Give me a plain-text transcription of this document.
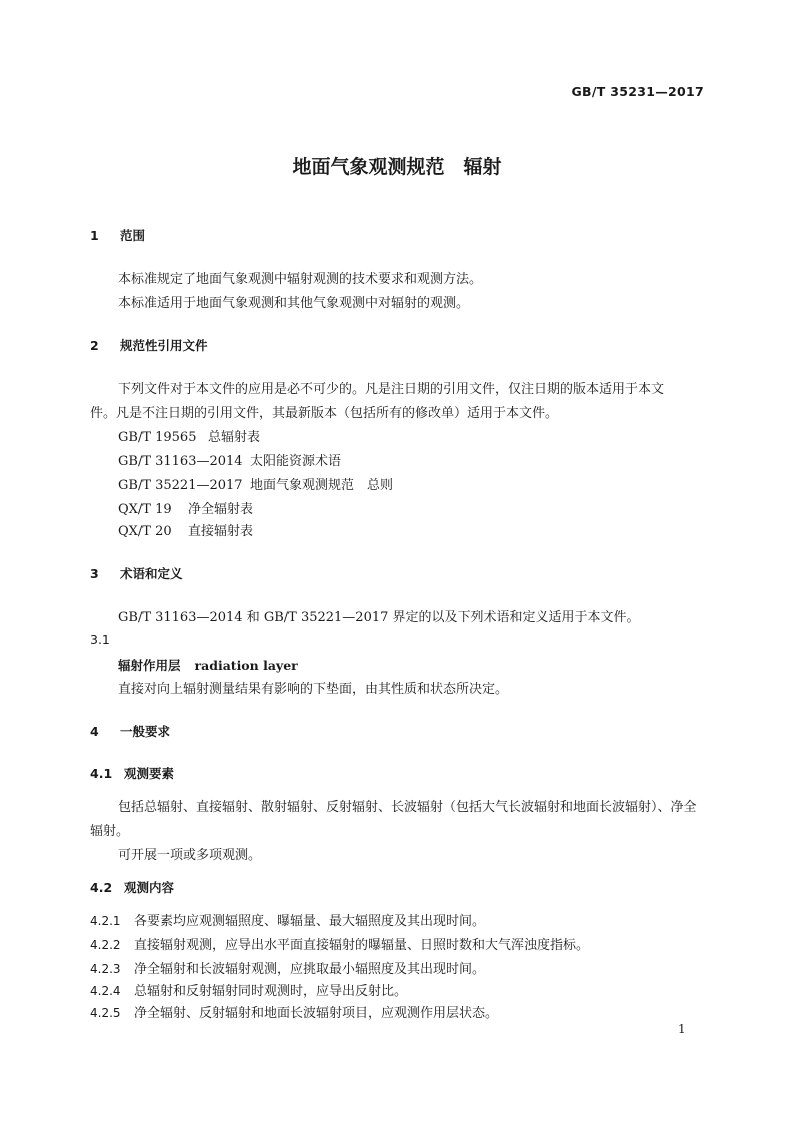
GB/T 35231—2017
地面气象观测规范　辐射
1 范围
本标准规定了地面气象观测中辐射观测的技术要求和观测方法。
本标准适用于地面气象观测和其他气象观测中对辐射的观测。
2 规范性引用文件
下列文件对于本文件的应用是必不可少的。凡是注日期的引用文件，仅注日期的版本适用于本文
件。凡是不注日期的引用文件，其最新版本（包括所有的修改单）适用于本文件。
GB/T 19565 总辐射表
GB/T 31163—2014 太阳能资源术语
GB/T 35221—2017 地面气象观测规范　总则
QX/T 19 净全辐射表
QX/T 20 直接辐射表
3 术语和定义
GB/T 31163—2014 和 GB/T 35221—2017 界定的以及下列术语和定义适用于本文件。
3.1
辐射作用层 radiation layer
直接对向上辐射测量结果有影响的下垫面，由其性质和状态所决定。
4 一般要求
4.1 观测要素
包括总辐射、直接辐射、散射辐射、反射辐射、长波辐射（包括大气长波辐射和地面长波辐射）、净全
辐射。
可开展一项或多项观测。
4.2 观测内容
4.2.1 各要素均应观测辐照度、曝辐量、最大辐照度及其出现时间。
4.2.2 直接辐射观测，应导出水平面直接辐射的曝辐量、日照时数和大气浑浊度指标。
4.2.3 净全辐射和长波辐射观测，应挑取最小辐照度及其出现时间。
4.2.4 总辐射和反射辐射同时观测时，应导出反射比。
4.2.5 净全辐射、反射辐射和地面长波辐射项目，应观测作用层状态。
1
